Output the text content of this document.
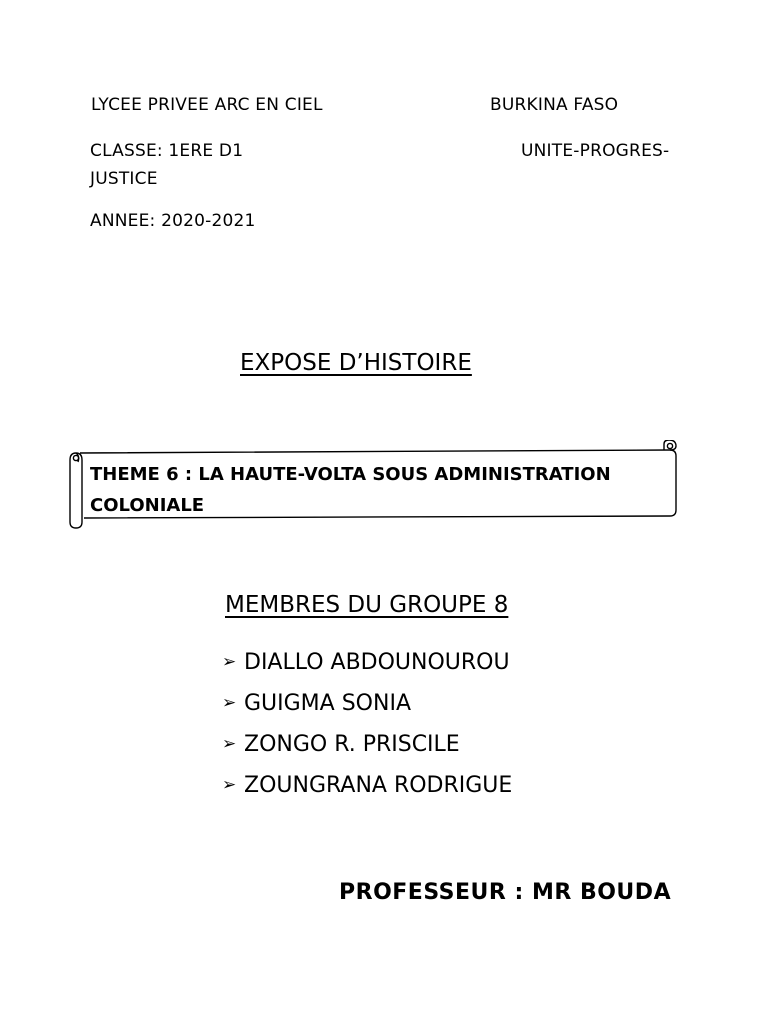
LYCEE PRIVEE ARC EN CIEL	BURKINA FASO
CLASSE: 1ERE D1	UNITE-PROGRES-
JUSTICE
ANNEE: 2020-2021
EXPOSE D’HISTOIRE
THEME 6 : LA HAUTE-VOLTA SOUS ADMINISTRATION
COLONIALE
MEMBRES DU GROUPE 8
➢ DIALLO ABDOUNOUROU
➢ GUIGMA SONIA
➢ ZONGO R. PRISCILE
➢ ZOUNGRANA RODRIGUE
PROFESSEUR : MR BOUDA
